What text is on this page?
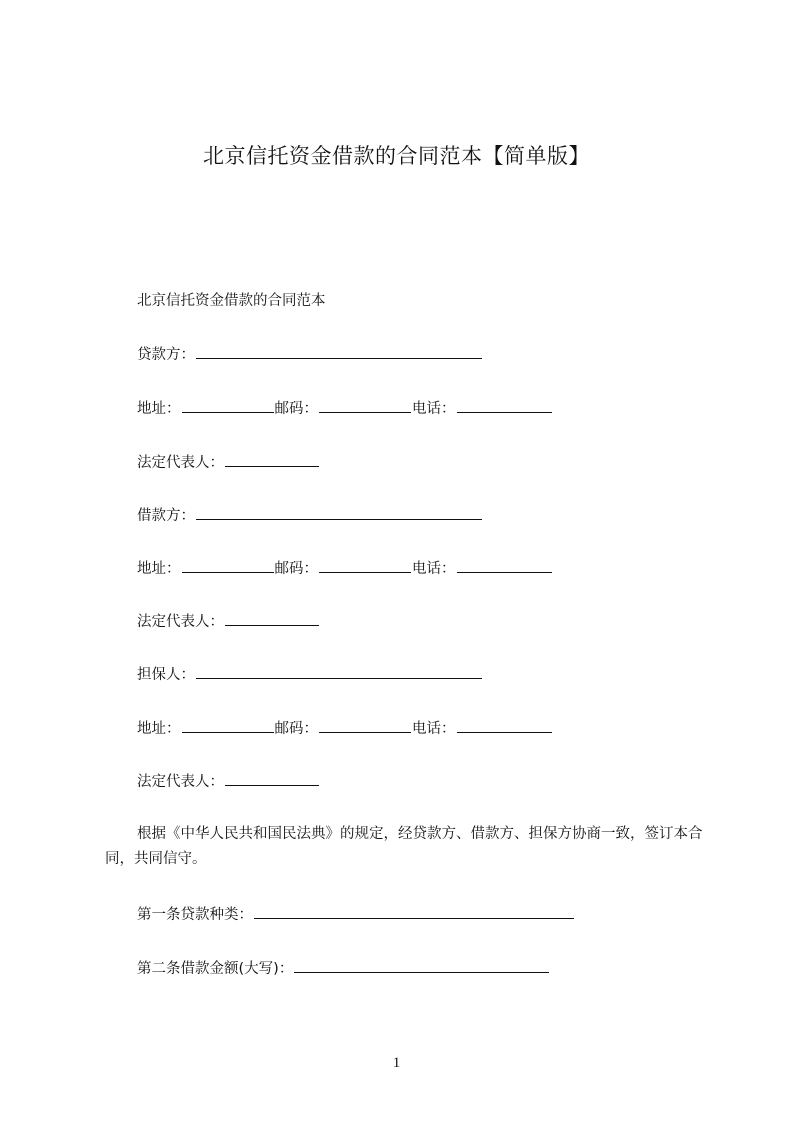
北京信托资金借款的合同范本【简单版】
北京信托资金借款的合同范本
贷款方：
地址：	邮码：	电话：
法定代表人：
借款方：
地址：	邮码：	电话：
法定代表人：
担保人：
地址：	邮码：	电话：
法定代表人：

根据《中华人民共和国民法典》的规定，经贷款方、借款方、担保方协商一致，签订本合同，共同信守。

第一条贷款种类：
第二条借款金额(大写)：
1
